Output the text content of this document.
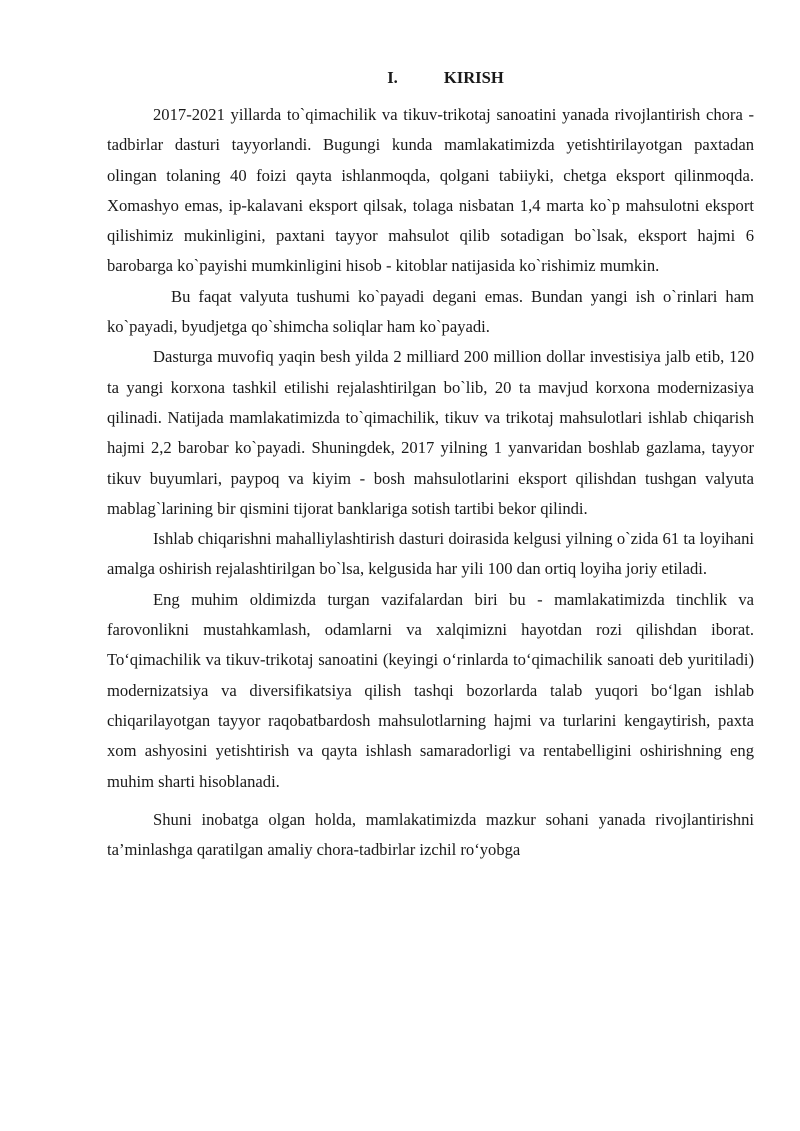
I.	KIRISH

2017-2021 yillarda to`qimachilik va tikuv-trikotaj sanoatini yanada rivojlantirish chora - tadbirlar dasturi tayyorlandi. Bugungi kunda mamlakatimizda yetishtirilayotgan paxtadan olingan tolaning 40 foizi qayta ishlanmoqda, qolgani tabiiyki, chetga eksport qilinmoqda. Xomashyo emas, ip-kalavani eksport qilsak, tolaga nisbatan 1,4 marta ko`p mahsulotni eksport qilishimiz mukinligini, paxtani tayyor mahsulot qilib sotadigan bo`lsak, eksport hajmi 6 barobarga ko`payishi mumkinligini hisob - kitoblar natijasida ko`rishimiz mumkin.

Bu faqat valyuta tushumi ko`payadi degani emas. Bundan yangi ish o`rinlari ham ko`payadi, byudjetga qo`shimcha soliqlar ham ko`payadi.

Dasturga muvofiq yaqin besh yilda 2 milliard 200 million dollar investisiya jalb etib, 120 ta yangi korxona tashkil etilishi rejalashtirilgan bo`lib, 20 ta mavjud korxona modernizasiya qilinadi. Natijada mamlakatimizda to`qimachilik, tikuv va trikotaj mahsulotlari ishlab chiqarish hajmi 2,2 barobar ko`payadi. Shuningdek, 2017 yilning 1 yanvaridan boshlab gazlama, tayyor tikuv buyumlari, paypoq va kiyim - bosh mahsulotlarini eksport qilishdan tushgan valyuta mablag`larining bir qismini tijorat banklariga sotish tartibi bekor qilindi.

Ishlab chiqarishni mahalliylashtirish dasturi doirasida kelgusi yilning o`zida 61 ta loyihani amalga oshirish rejalashtirilgan bo`lsa, kelgusida har yili 100 dan ortiq loyiha joriy etiladi.

Eng muhim oldimizda turgan vazifalardan biri bu - mamlakatimizda tinchlik va farovonlikni mustahkamlash, odamlarni va xalqimizni hayotdan rozi qilishdan iborat. To‘qimachilik va tikuv-trikotaj sanoatini (keyingi o‘rinlarda to‘qimachilik sanoati deb yuritiladi) modernizatsiya va diversifikatsiya qilish tashqi bozorlarda talab yuqori bo‘lgan ishlab chiqarilayotgan tayyor raqobatbardosh mahsulotlarning hajmi va turlarini kengaytirish, paxta xom ashyosini yetishtirish va qayta ishlash samaradorligi va rentabelligini oshirishning eng muhim sharti hisoblanadi.

Shuni inobatga olgan holda, mamlakatimizda mazkur sohani yanada rivojlantirishni ta’minlashga qaratilgan amaliy chora-tadbirlar izchil ro‘yobga
